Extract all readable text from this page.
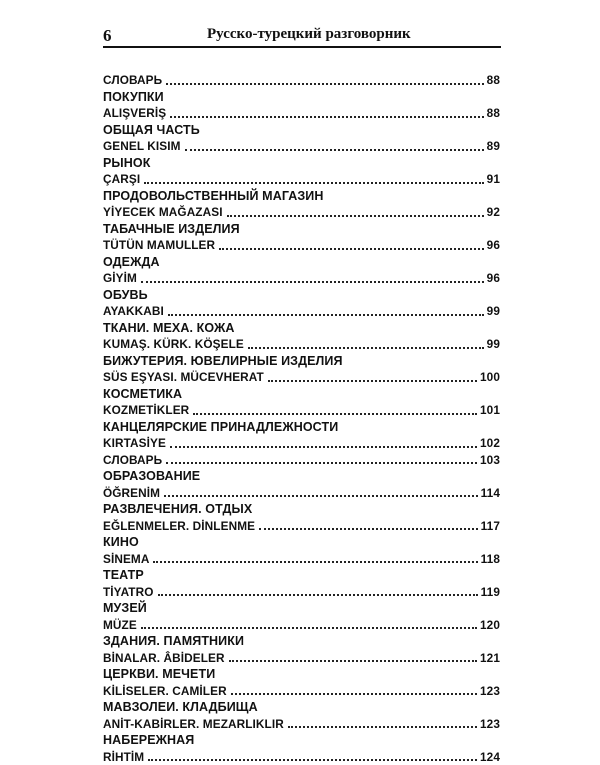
6	Русско-турецкий разговорник
СЛОВАРЬ	88
ПОКУПКИ
ALIŞVERİŞ	88
ОБЩАЯ ЧАСТЬ
GENEL KISIM	89
РЫНОК
ÇARŞI	91
ПРОДОВОЛЬСТВЕННЫЙ МАГАЗИН
YİYECEK MAĞAZASI	92
ТАБАЧНЫЕ ИЗДЕЛИЯ
TÜTÜN MAMULLER	96
ОДЕЖДА
GİYİM	96
ОБУВЬ
AYAKKABI	99
ТКАНИ. МЕХА. КОЖА
KUMAŞ. KÜRK. KÖŞELE	99
БИЖУТЕРИЯ. ЮВЕЛИРНЫЕ ИЗДЕЛИЯ
SÜS EŞYASI. MÜCEVHERAT	100
КОСМЕТИКА
KOZMETİKLER	101
КАНЦЕЛЯРСКИЕ ПРИНАДЛЕЖНОСТИ
KIRTASİYE	102
СЛОВАРЬ	103
ОБРАЗОВАНИЕ
ÖĞRENİM	114
РАЗВЛЕЧЕНИЯ. ОТДЫХ
EĞLENMELER. DİNLENME	117
КИНО
SİNEMA	118
ТЕАТР
TİYATRO	119
МУЗЕЙ
MÜZE	120
ЗДАНИЯ. ПАМЯТНИКИ
BİNALAR. ÂBİDELER	121
ЦЕРКВИ. МЕЧЕТИ
KİLİSELER. CAMİLER	123
МАВЗОЛЕИ. КЛАДБИЩА
ANİT-KABİRLER. MEZARLIKLIR	123
НАБЕРЕЖНАЯ
RİHTİM	124
